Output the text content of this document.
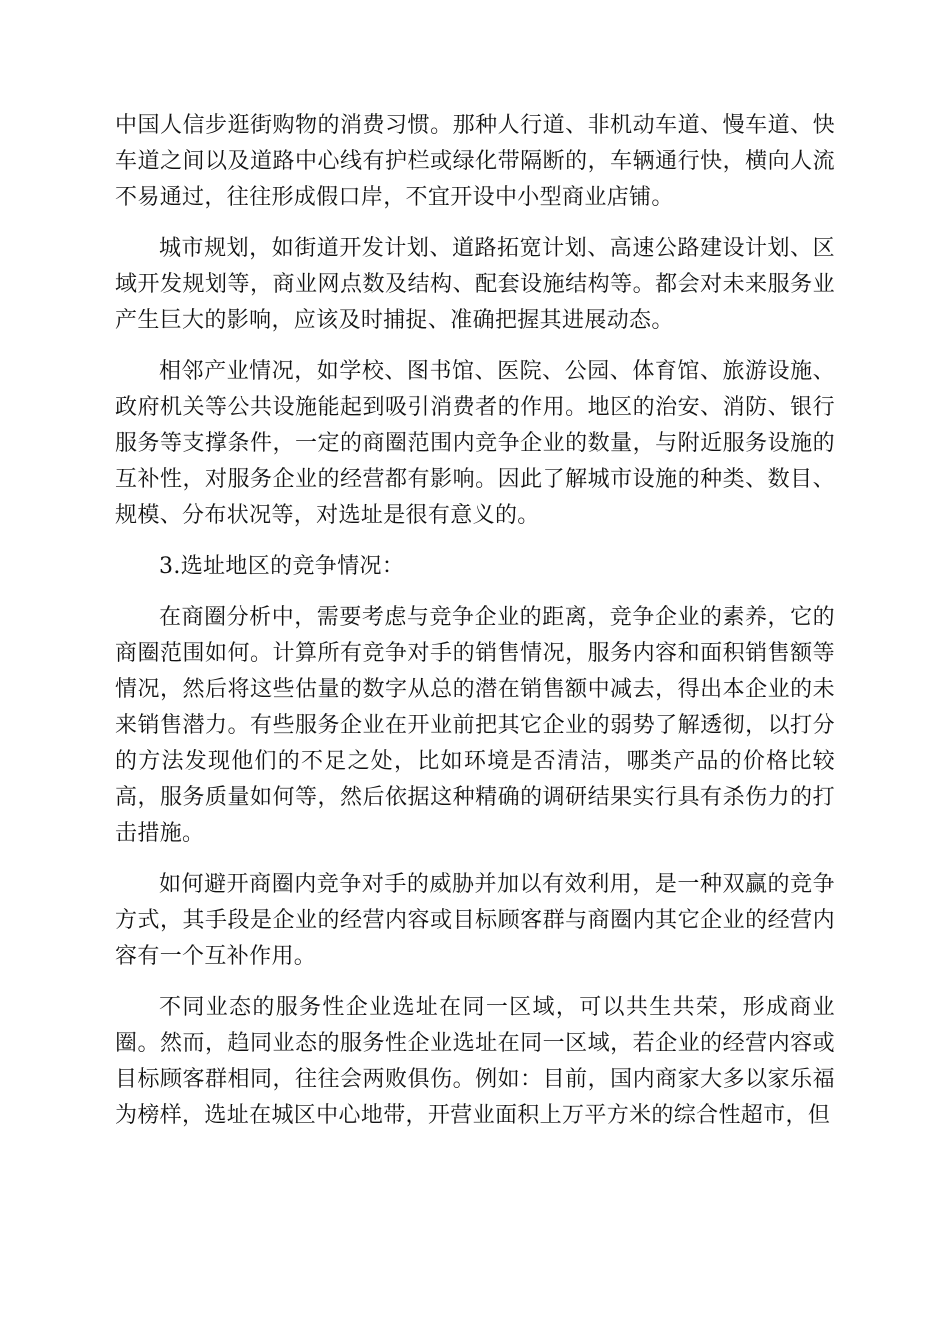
中国人信步逛街购物的消费习惯。那种人行道、非机动车道、慢车道、快车道之间以及道路中心线有护栏或绿化带隔断的，车辆通行快，横向人流不易通过，往往形成假口岸，不宜开设中小型商业店铺。

城市规划，如街道开发计划、道路拓宽计划、高速公路建设计划、区域开发规划等，商业网点数及结构、配套设施结构等。都会对未来服务业产生巨大的影响，应该及时捕捉、准确把握其进展动态。

相邻产业情况，如学校、图书馆、医院、公园、体育馆、旅游设施、政府机关等公共设施能起到吸引消费者的作用。地区的治安、消防、银行服务等支撑条件，一定的商圈范围内竞争企业的数量，与附近服务设施的互补性，对服务企业的经营都有影响。因此了解城市设施的种类、数目、规模、分布状况等，对选址是很有意义的。

3.选址地区的竞争情况：

在商圈分析中，需要考虑与竞争企业的距离，竞争企业的素养，它的商圈范围如何。计算所有竞争对手的销售情况，服务内容和面积销售额等情况，然后将这些估量的数字从总的潜在销售额中减去，得出本企业的未来销售潜力。有些服务企业在开业前把其它企业的弱势了解透彻，以打分的方法发现他们的不足之处，比如环境是否清洁，哪类产品的价格比较高，服务质量如何等，然后依据这种精确的调研结果实行具有杀伤力的打击措施。

如何避开商圈内竞争对手的威胁并加以有效利用，是一种双赢的竞争方式，其手段是企业的经营内容或目标顾客群与商圈内其它企业的经营内容有一个互补作用。

不同业态的服务性企业选址在同一区域，可以共生共荣，形成商业圈。然而，趋同业态的服务性企业选址在同一区域，若企业的经营内容或目标顾客群相同，往往会两败俱伤。例如：目前，国内商家大多以家乐福为榜样，选址在城区中心地带，开营业面积上万平方米的综合性超市，但
